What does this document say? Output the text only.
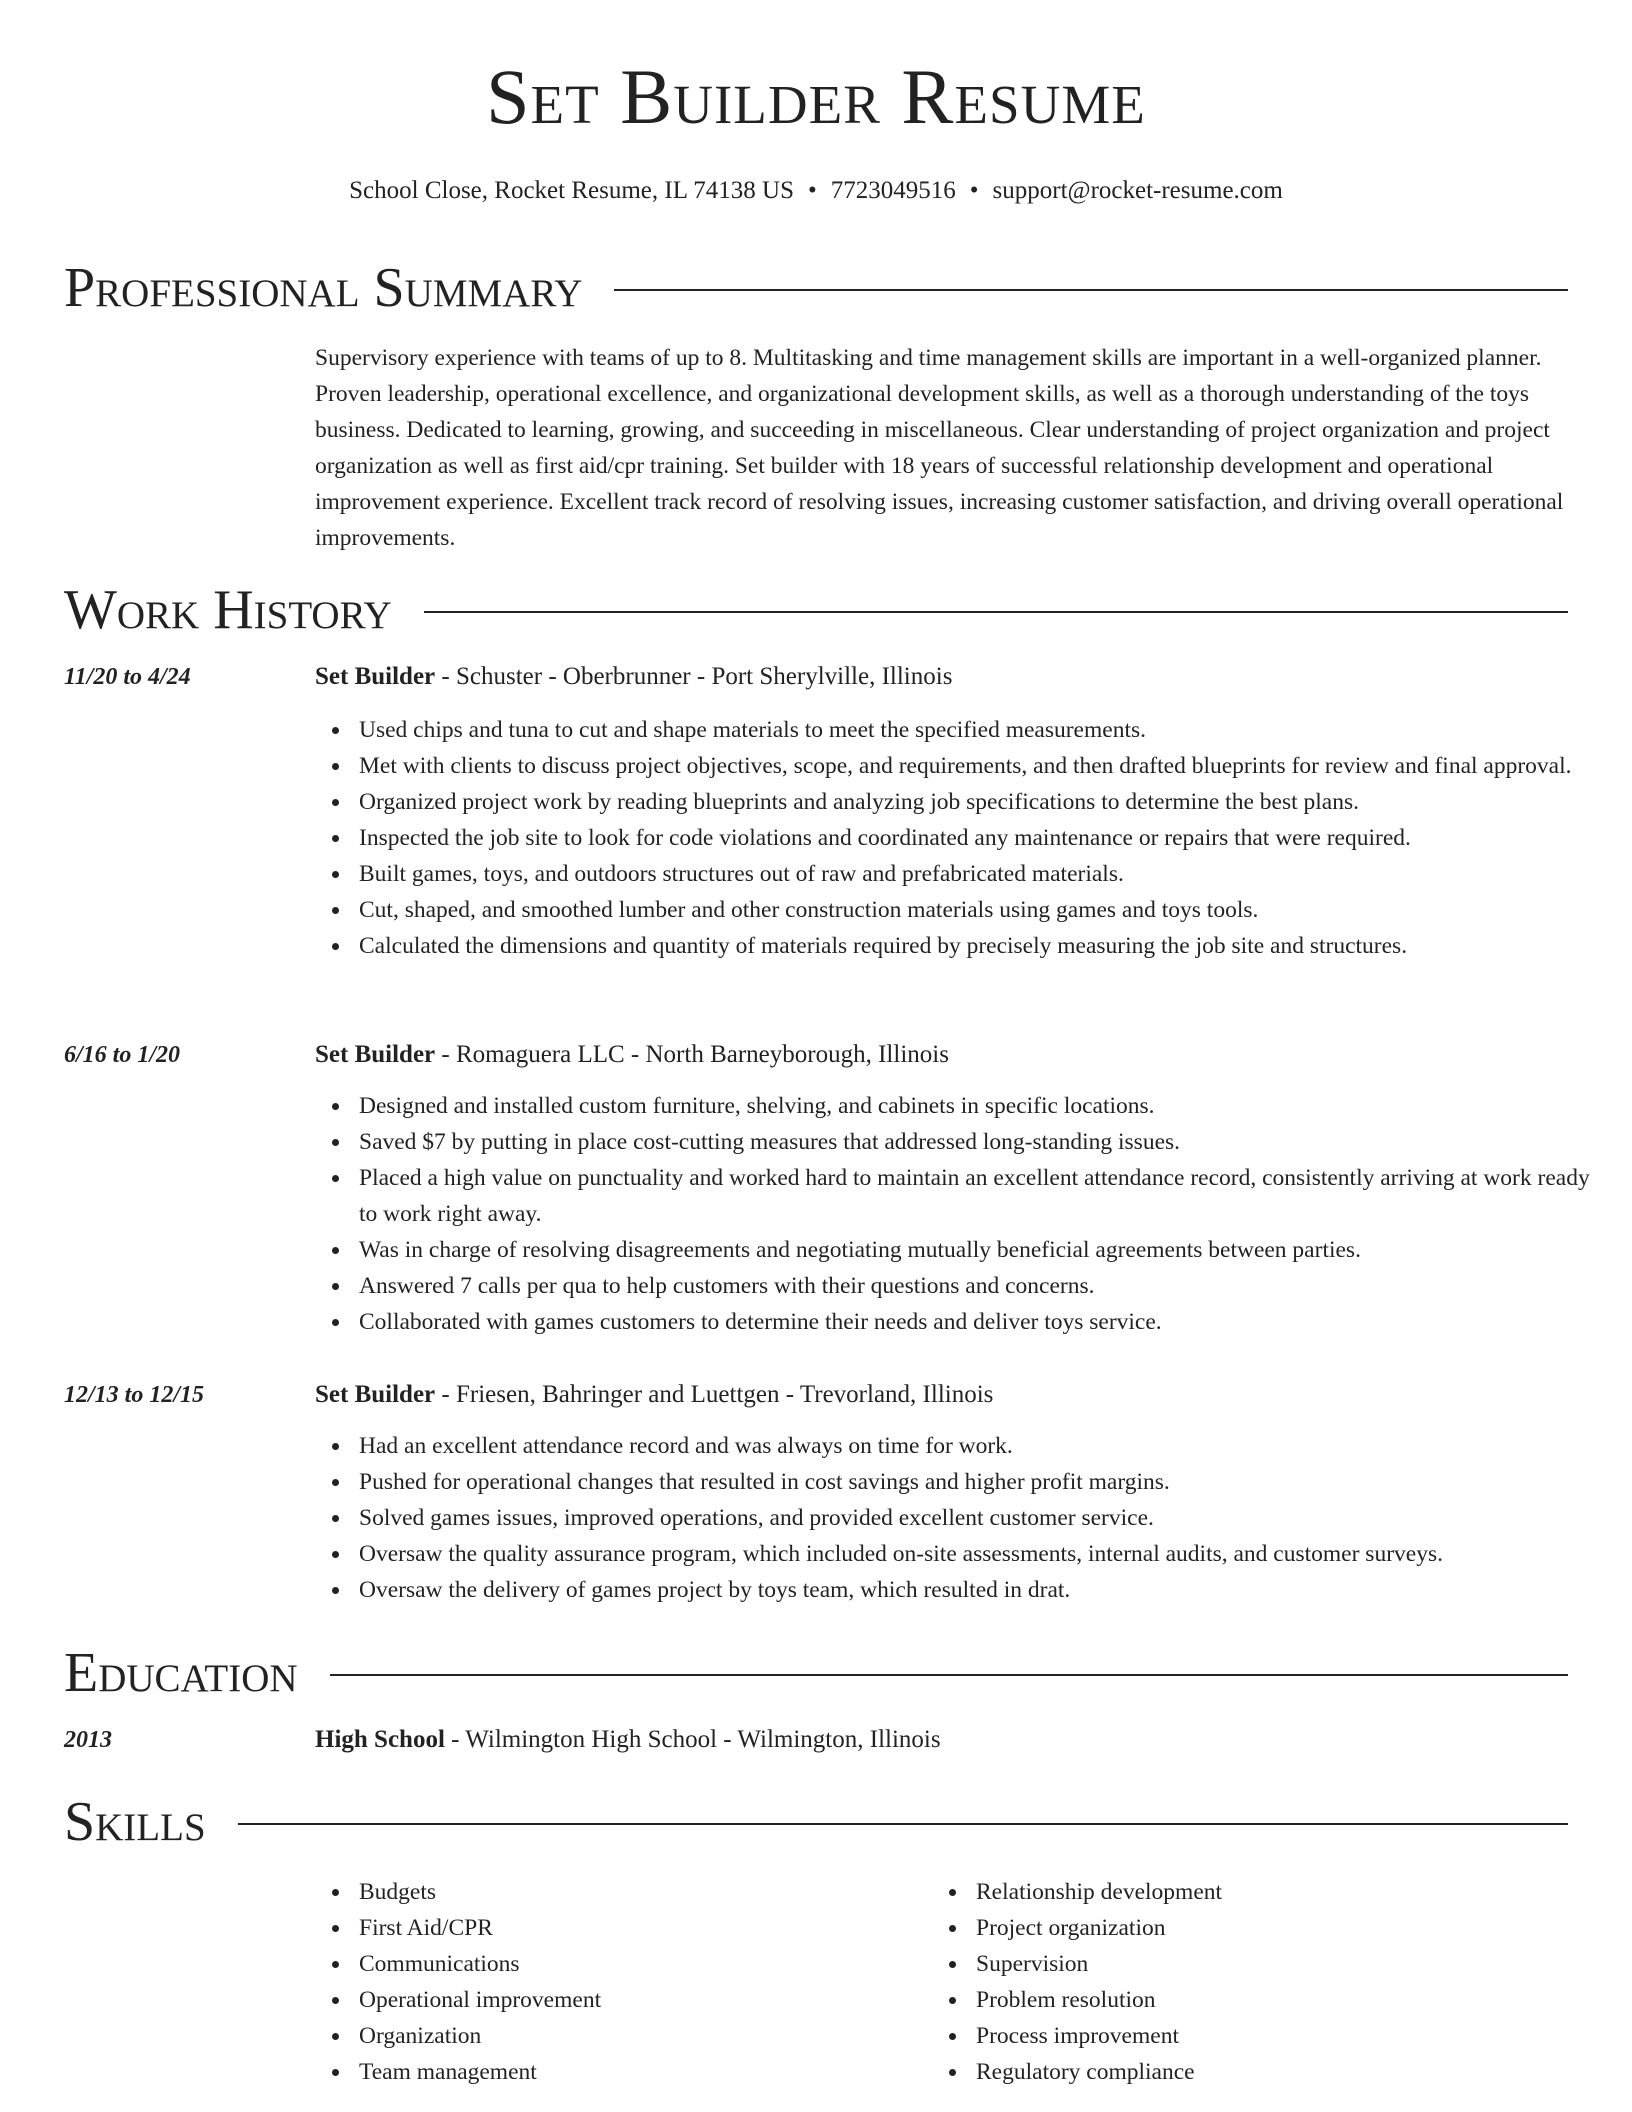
Set Builder Resume
School Close, Rocket Resume, IL 74138 US • 7723049516 • support@rocket-resume.com
Professional Summary
Supervisory experience with teams of up to 8. Multitasking and time management skills are important in a well-organized planner. Proven leadership, operational excellence, and organizational development skills, as well as a thorough understanding of the toys business. Dedicated to learning, growing, and succeeding in miscellaneous. Clear understanding of project organization and project organization as well as first aid/cpr training. Set builder with 18 years of successful relationship development and operational improvement experience. Excellent track record of resolving issues, increasing customer satisfaction, and driving overall operational improvements.
Work History
11/20 to 4/24	Set Builder - Schuster - Oberbrunner - Port Sherylville, Illinois
Used chips and tuna to cut and shape materials to meet the specified measurements.
Met with clients to discuss project objectives, scope, and requirements, and then drafted blueprints for review and final approval.
Organized project work by reading blueprints and analyzing job specifications to determine the best plans.
Inspected the job site to look for code violations and coordinated any maintenance or repairs that were required.
Built games, toys, and outdoors structures out of raw and prefabricated materials.
Cut, shaped, and smoothed lumber and other construction materials using games and toys tools.
Calculated the dimensions and quantity of materials required by precisely measuring the job site and structures.
6/16 to 1/20	Set Builder - Romaguera LLC - North Barneyborough, Illinois
Designed and installed custom furniture, shelving, and cabinets in specific locations.
Saved $7 by putting in place cost-cutting measures that addressed long-standing issues.
Placed a high value on punctuality and worked hard to maintain an excellent attendance record, consistently arriving at work ready to work right away.
Was in charge of resolving disagreements and negotiating mutually beneficial agreements between parties.
Answered 7 calls per qua to help customers with their questions and concerns.
Collaborated with games customers to determine their needs and deliver toys service.
12/13 to 12/15	Set Builder - Friesen, Bahringer and Luettgen - Trevorland, Illinois
Had an excellent attendance record and was always on time for work.
Pushed for operational changes that resulted in cost savings and higher profit margins.
Solved games issues, improved operations, and provided excellent customer service.
Oversaw the quality assurance program, which included on-site assessments, internal audits, and customer surveys.
Oversaw the delivery of games project by toys team, which resulted in drat.
Education
2013	High School - Wilmington High School - Wilmington, Illinois
Skills
Budgets
First Aid/CPR
Communications
Operational improvement
Organization
Team management
Relationship development
Project organization
Supervision
Problem resolution
Process improvement
Regulatory compliance
